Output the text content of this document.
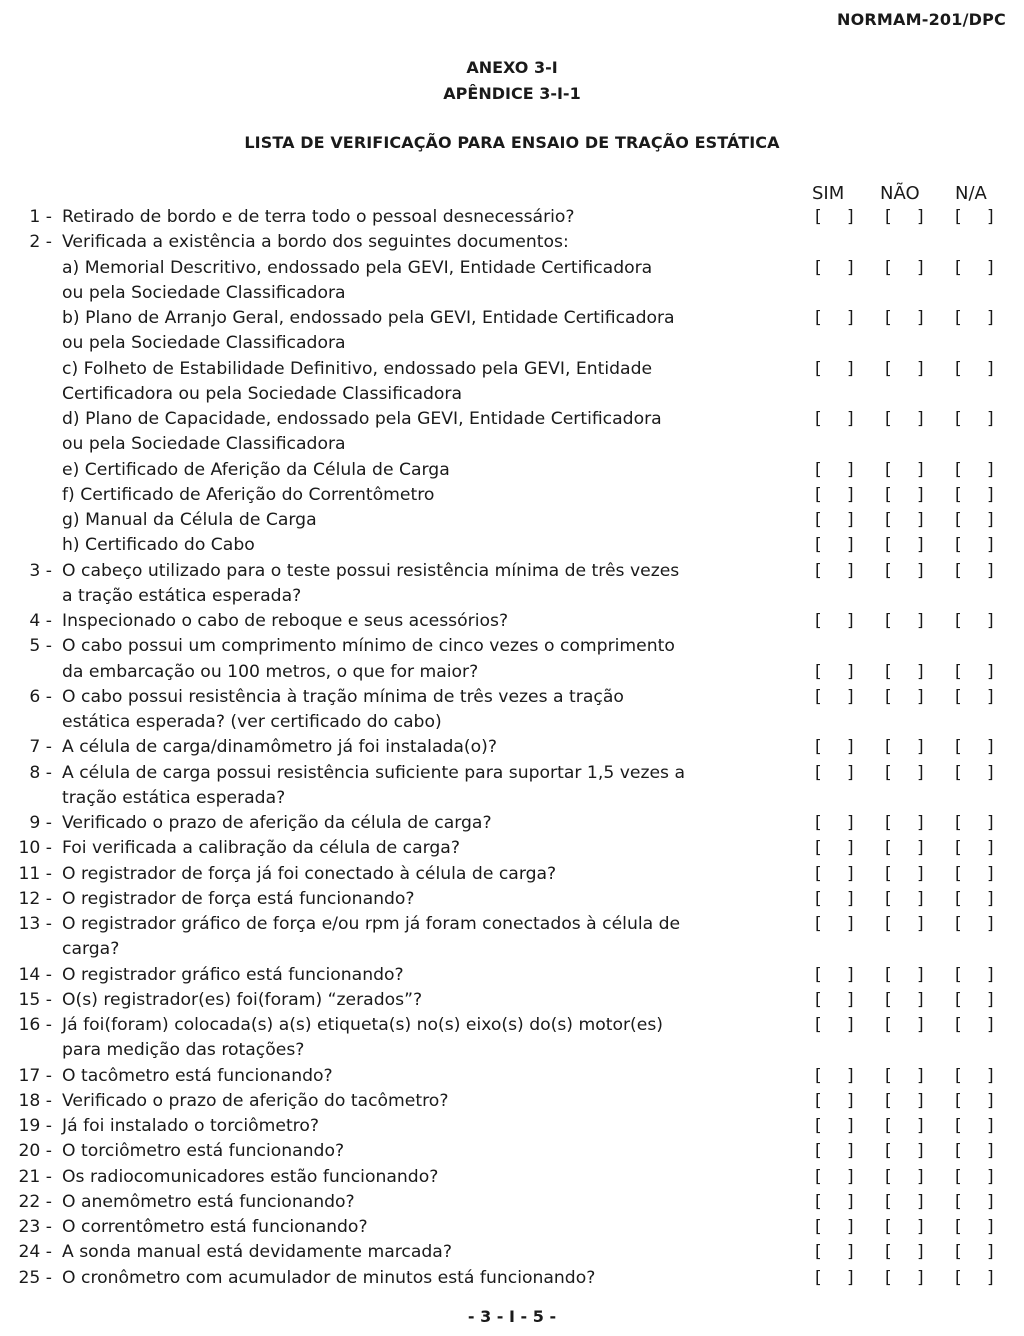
NORMAM-201/DPC
ANEXO 3-I
APÊNDICE 3-I-1
LISTA DE VERIFICAÇÃO PARA ENSAIO DE TRAÇÃO ESTÁTICA
SIM NÃO N/A
1 - Retirado de bordo e de terra todo o pessoal desnecessário?	[ ] [ ] [ ]
2 - Verificada a existência a bordo dos seguintes documentos:
a) Memorial Descritivo, endossado pela GEVI, Entidade Certificadora	[ ] [ ] [ ]
ou pela Sociedade Classificadora
b) Plano de Arranjo Geral, endossado pela GEVI, Entidade Certificadora	[ ] [ ] [ ]
ou pela Sociedade Classificadora
c) Folheto de Estabilidade Definitivo, endossado pela GEVI, Entidade	[ ] [ ] [ ]
Certificadora ou pela Sociedade Classificadora
d) Plano de Capacidade, endossado pela GEVI, Entidade Certificadora	[ ] [ ] [ ]
ou pela Sociedade Classificadora
e) Certificado de Aferição da Célula de Carga	[ ] [ ] [ ]
f) Certificado de Aferição do Correntômetro	[ ] [ ] [ ]
g) Manual da Célula de Carga	[ ] [ ] [ ]
h) Certificado do Cabo	[ ] [ ] [ ]
3 - O cabeço utilizado para o teste possui resistência mínima de três vezes	[ ] [ ] [ ]
a tração estática esperada?
4 - Inspecionado o cabo de reboque e seus acessórios?	[ ] [ ] [ ]
5 - O cabo possui um comprimento mínimo de cinco vezes o comprimento
da embarcação ou 100 metros, o que for maior?	[ ] [ ] [ ]
6 - O cabo possui resistência à tração mínima de três vezes a tração	[ ] [ ] [ ]
estática esperada? (ver certificado do cabo)
7 - A célula de carga/dinamômetro já foi instalada(o)?	[ ] [ ] [ ]
8 - A célula de carga possui resistência suficiente para suportar 1,5 vezes a	[ ] [ ] [ ]
tração estática esperada?
9 - Verificado o prazo de aferição da célula de carga?	[ ] [ ] [ ]
10 - Foi verificada a calibração da célula de carga?	[ ] [ ] [ ]
11 - O registrador de força já foi conectado à célula de carga?	[ ] [ ] [ ]
12 - O registrador de força está funcionando?	[ ] [ ] [ ]
13 - O registrador gráfico de força e/ou rpm já foram conectados à célula de	[ ] [ ] [ ]
carga?
14 - O registrador gráfico está funcionando?	[ ] [ ] [ ]
15 - O(s) registrador(es) foi(foram) “zerados”?	[ ] [ ] [ ]
16 - Já foi(foram) colocada(s) a(s) etiqueta(s) no(s) eixo(s) do(s) motor(es)	[ ] [ ] [ ]
para medição das rotações?
17 - O tacômetro está funcionando?	[ ] [ ] [ ]
18 - Verificado o prazo de aferição do tacômetro?	[ ] [ ] [ ]
19 - Já foi instalado o torciômetro?	[ ] [ ] [ ]
20 - O torciômetro está funcionando?	[ ] [ ] [ ]
21 - Os radiocomunicadores estão funcionando?	[ ] [ ] [ ]
22 - O anemômetro está funcionando?	[ ] [ ] [ ]
23 - O correntômetro está funcionando?	[ ] [ ] [ ]
24 - A sonda manual está devidamente marcada?	[ ] [ ] [ ]
25 - O cronômetro com acumulador de minutos está funcionando?	[ ] [ ] [ ]
- 3 - I - 5 -
